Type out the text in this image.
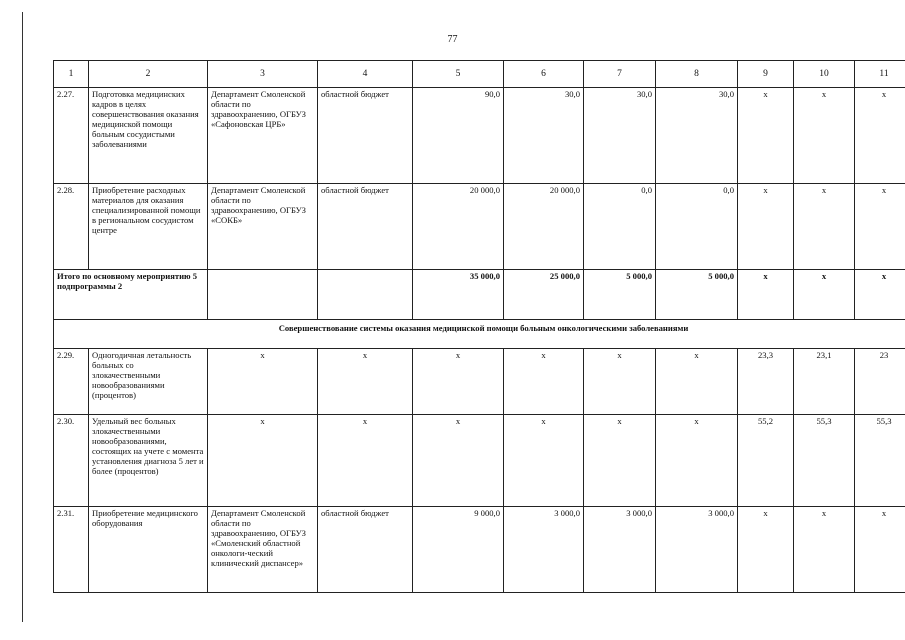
77
1	2	3	4	5	6	7	8	9	10	11
2.27.	Подготовка медицинских кадров в целях совершенствования оказания медицинской помощи больным сосудистыми заболеваниями	Департамент Смоленской области по здравоохранению, ОГБУЗ «Сафоновская ЦРБ»	областной бюджет	90,0	30,0	30,0	30,0	х	х	х
2.28.	Приобретение расходных материалов для оказания специализированной помощи в региональном сосудистом центре	Департамент Смоленской области по здравоохранению, ОГБУЗ «СОКБ»	областной бюджет	20 000,0	20 000,0	0,0	0,0	х	х	х
Итого по основному мероприятию 5 подпрограммы 2				35 000,0	25 000,0	5 000,0	5 000,0	х	х	х
Совершенствование системы оказания медицинской помощи больным онкологическими заболеваниями										
2.29.	Одногодичная летальность больных со злокачественными новообразованиями (процентов)	х	х	х	х	х	х	23,3	23,1	23
2.30.	Удельный вес больных злокачественными новообразованиями, состоящих на учете с момента установления диагноза 5 лет и более (процентов)	х	х	х	х	х	х	55,2	55,3	55,3
2.31.	Приобретение медицинского оборудования	Департамент Смоленской области по здравоохранению, ОГБУЗ «Смоленский областной онкологи-ческий клинический диспансер»	областной бюджет	9 000,0	3 000,0	3 000,0	3 000,0	х	х	х
